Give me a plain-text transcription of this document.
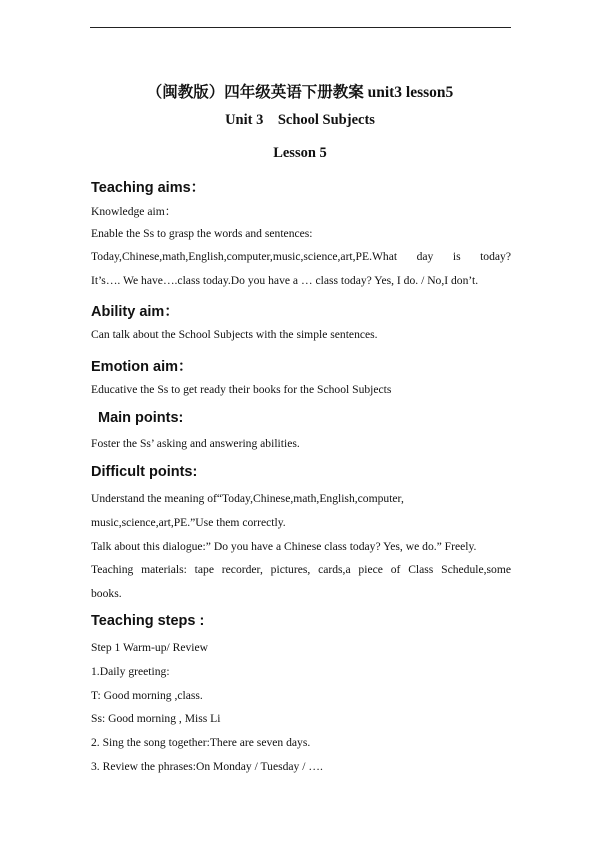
（闽教版）四年级英语下册教案 unit3 lesson5
Unit 3    School Subjects
Lesson 5
Teaching aims：
Knowledge aim：
Enable the Ss to grasp the words and sentences:
Today,Chinese,math,English,computer,music,science,art,PE.What day is today?
It’s…. We have….class today.Do you have a … class today? Yes, I do. / No,I don’t.
Ability aim：
Can talk about the School Subjects with the simple sentences.
Emotion aim：
Educative the Ss to get ready their books for the School Subjects
Main points:
Foster the Ss’ asking and answering abilities.
Difficult points:
Understand the meaning of“Today,Chinese,math,English,computer,
music,science,art,PE.”Use them correctly.
Talk about this dialogue:” Do you have a Chinese class today? Yes, we do.” Freely.
Teaching materials: tape recorder, pictures, cards,a piece of Class Schedule,some
books.
Teaching steps :
Step 1 Warm-up/ Review
1.Daily greeting:
T: Good morning ,class.
Ss: Good morning , Miss Li
2. Sing the song together:There are seven days.
3. Review the phrases:On Monday / Tuesday / ….
